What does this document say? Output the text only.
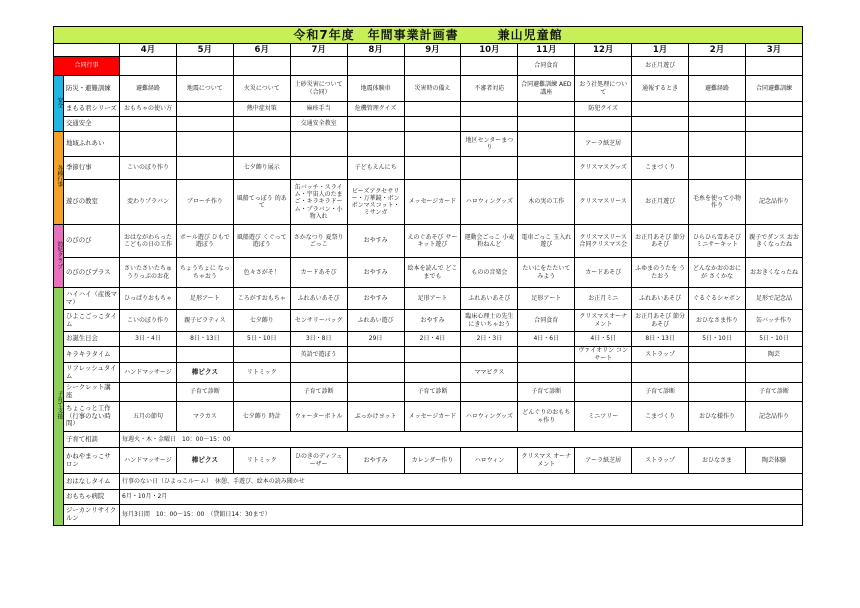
令和7年度　年間事業計画書　　　兼山児童館													
		4月	5月	6月	7月	8月	9月	10月	11月	12月	1月	2月	3月
合同行事									合同食育		お正月遊び		
安全	防災・避難訓練	避難経路	地震について	火災について	土砂災害について（合同）	地震体験車	災害時の備え	不審者対応	合同避難訓練 AED講座	おう社処理について	通報するとき	避難経路	合同避難訓練
	まもる君シリーズ	おもちゃの使い方		熱中症対策	麻疹手当	危機管理クイズ				防犯クイズ			
	交通安全				交通安全教室								
各種行事	地域ふれあい							地区センターまつり		アーラ紙芝居			
	季節行事	こいのぼり作り		七夕飾り展示		子どもえんにち				クリスマスグッズ	こまづくり		
	遊びの教室	変わりプラバン	ブローチ作り	風船てっぽう 的あて	缶バッチ・スライム・宇宙人のたまご・キラキラドーム・プラバン・小物入れ	ビーズアクセサリー・万華鏡・ボンボンマスコット・ミサンガ	メッセージカード	ハロウィングッズ	木の実の工作	クリスマスリース	お正月遊び	毛糸を使って小物作り	記念品作り
幼児クラブ	のびのび	おはながわらったこどもの日の工作	ボール遊び ひもで遊ぼう	風船遊び くぐって遊ぼう	さかなつり 夏祭りごっこ	おやすみ	えのぐあそび サーキット遊び	運動会ごっこ 小麦粉ねんど	電車ごっこ 玉入れ遊び	クリスマスリース 合同クリスマス会	お正月あそび 節分あそび	ひらひら雪あそび ミニサーキット	親子でダンス おおきくなったね
	のびのびプラス	さいたさいたちゅうりっぷのお花	ちょうちょに なっちゃおう	色々さがそ！	カードあそび	おやすみ	絵本を読んで どこまでも	ものの音楽会	たいにをたたいて みよう	カードあそび	ふゆまのうたを うたおう	どんなかおのおにが さくかな	おおきくなったね
子育て支援	ハイハイ（産後ママ）	ひっぱりおもちゃ	足形アート	ころがすおもちゃ	ふれあいあそび	おやすみ	足形アート	ふれあいあそび	足形アート	お正月ミニ	ふれあいあそび	ぐるぐるシャボン	足形で記念品
	ひよこごっこタイム	こいのぼり作り	親子ピラティス	七夕飾り	センサリーバッグ	ふれあい遊び	おやすみ	臨床心理士の先生にきいちゃおう	合同食育	クリスマスオーナメント	お正月あそび 節分あそび	おひなさま作り	缶バッチ作り
	お誕生日会	3日・4日	8日・13日	5日・10日	3日・8日	29日	2日・4日	2日・3日	4日・6日	4日・5日	8日・13日	5日・10日	5日・10日
	キラキラタイム				英語で遊ぼう					ヴァイオリン コンサート	ストラップ		陶芸
	リフレッシュタイム	ハンドマッサージ	棒ピクス	リトミック				ママピクス					
	シークレット講座		子育て診断		子育て診断		子育て診断		子育て診断		子育て診断		子育て診断
	ちょこっと工作（行事のない時間）	五月の節句	マラカス	七夕飾り 時計	ウォーターボトル	ぶっかけヨット	メッセージカード	ハロウィングッズ	どんぐりのおもちゃ作り	ミニツリー	こまづくり	おひな様作り	記念品作り
	子育て相談	毎週火・木・金曜日　10：00〜15：00											
	かねやまっこサロン	ハンドマッサージ	棒ピクス	リトミック	ひのきのディフューザー	おやすみ	カレンダー作り	ハロウィン	クリスマス オーナメント	アーラ紙芝居	ストラップ	おひなさま	陶芸体験
	おはなしタイム	行事のない日（ひよっこルーム）　休憩、手遊び、絵本の読み聞かせ											
	おもちゃ病院	6月・10月・2月											
	ジーカンリサイクルン	毎月3日間　10：00〜15：00　（貸館日14：30まで）											
